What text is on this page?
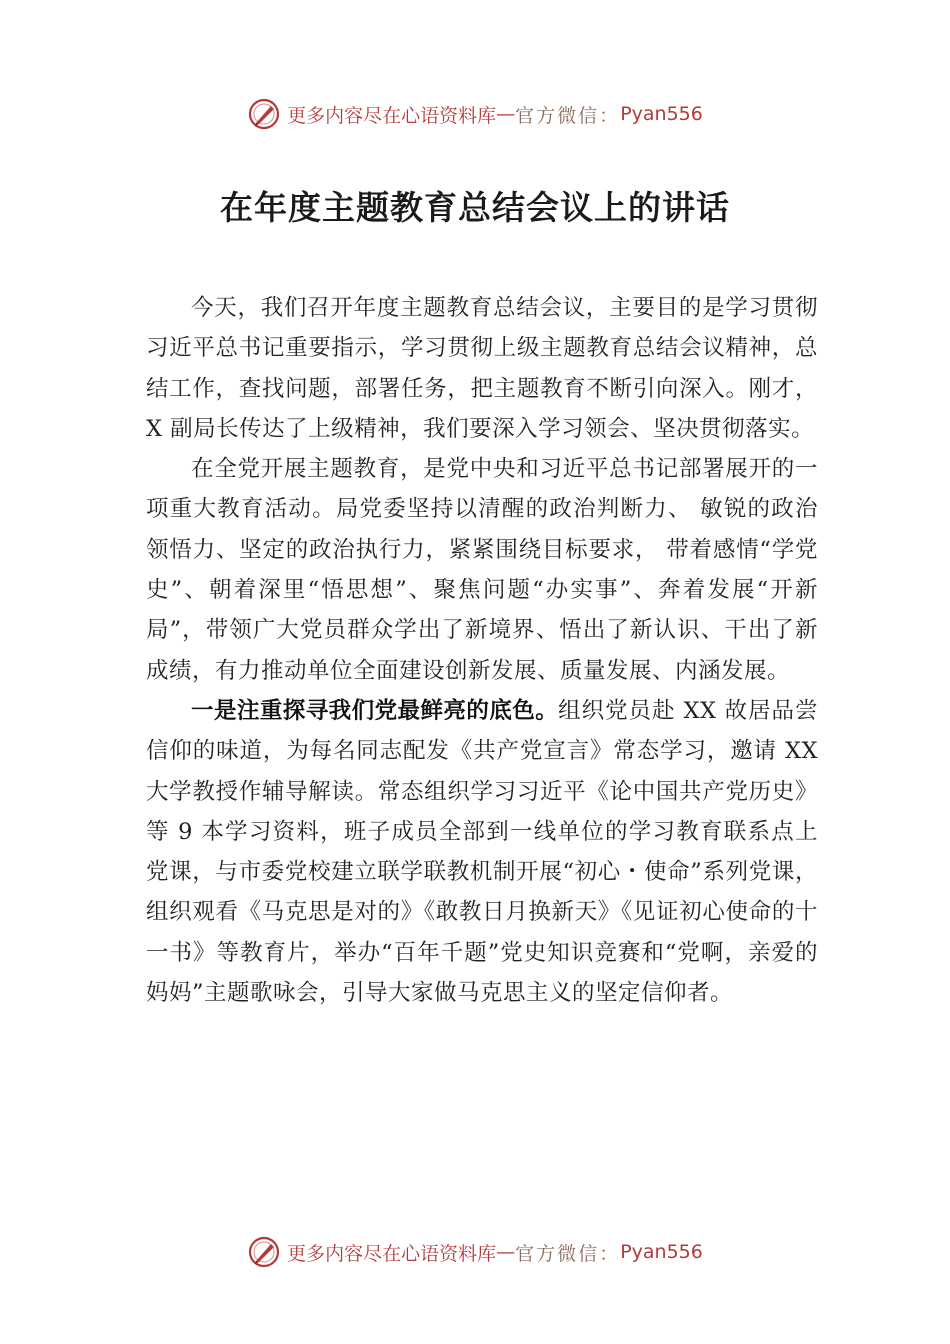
更多内容尽在心语资料库 — 官方微信： Pyan556
在年度主题教育总结会议上的讲话

今天，我们召开年度主题教育总结会议，主要目的是学习贯彻习近平总书记重要指示，学习贯彻上级主题教育总结会议精神，总结工作，查找问题，部署任务，把主题教育不断引向深入。刚才，X 副局长传达了上级精神，我们要深入学习领会、坚决贯彻落实。

在全党开展主题教育，是党中央和习近平总书记部署展开的一项重大教育活动。局党委坚持以清醒的政治判断力、 敏锐的政治领悟力、坚定的政治执行力，紧紧围绕目标要求， 带着感情“学党史”、朝着深里“悟思想”、聚焦问题“办实事”、奔着发展“开新局”，带领广大党员群众学出了新境界、悟出了新认识、干出了新成绩，有力推动单位全面建设创新发展、质量发展、内涵发展。

一是注重探寻我们党最鲜亮的底色。组织党员赴 XX 故居品尝信仰的味道，为每名同志配发《共产党宣言》常态学习，邀请 XX 大学教授作辅导解读。常态组织学习习近平《论中国共产党历史》等 9 本学习资料，班子成员全部到一线单位的学习教育联系点上党课，与市委党校建立联学联教机制开展“初心・使命”系列党课，组织观看《马克思是对的》《敢教日月换新天》《见证初心使命的十一书》等教育片，举办“百年千题”党史知识竞赛和“党啊，亲爱的妈妈”主题歌咏会，引导大家做马克思主义的坚定信仰者。

更多内容尽在心语资料库 — 官方微信： Pyan556
